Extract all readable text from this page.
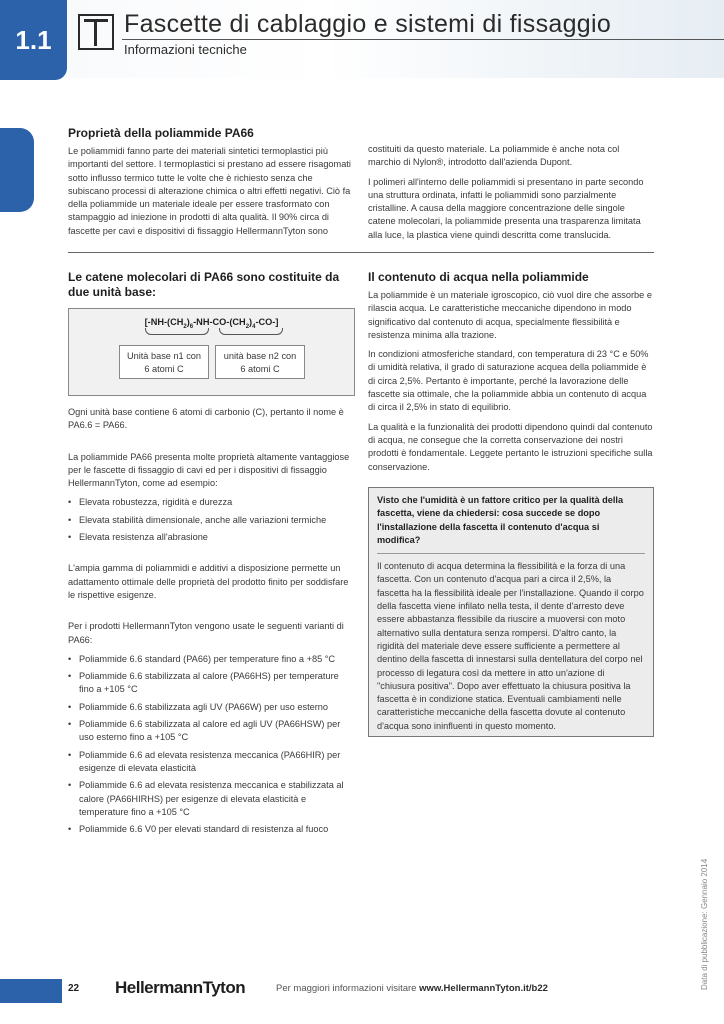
1.1
Fascette di cablaggio e sistemi di fissaggio
Informazioni tecniche
Proprietà della poliammide PA66

Le poliammidi fanno parte dei materiali sintetici termoplastici più importanti del settore. I termoplastici si prestano ad essere risagomati sotto influsso termico tutte le volte che è richiesto senza che subiscano processi di alterazione chimica o altri effetti negativi. Ciò fa della poliammide un materiale ideale per essere trasformato con stampaggio ad iniezione in prodotti di alta qualità. Il 90% circa di fascette per cavi e dispositivi di fissaggio HellermannTyton sono

costituiti da questo materiale. La poliammide è anche nota col marchio di Nylon®, introdotto dall'azienda Dupont.

I polimeri all'interno delle poliammidi si presentano in parte secondo una struttura ordinata, infatti le poliammidi sono parzialmente cristalline. A causa della maggiore concentrazione delle singole catene molecolari, la poliammide presenta una trasparenza limitata alla luce, la plastica viene quindi descritta come translucida.

Le catene molecolari di PA66 sono costituite da due unità base:
$[-NH-(CH_2)_6-NH-CO-(CH_2)_4-CO-]$
Unità base n1 con
6 atomi C
unità base n2 con
6 atomi C

Ogni unità base contiene 6 atomi di carbonio (C), pertanto il nome è PA6.6 = PA66.

La poliammide PA66 presenta molte proprietà altamente vantaggiose per le fascette di fissaggio di cavi ed per i dispositivi di fissaggio HellermannTyton, come ad esempio:

• Elevata robustezza, rigidità e durezza
• Elevata stabilità dimensionale, anche alle variazioni termiche
• Elevata resistenza all'abrasione

L'ampia gamma di poliammidi e additivi a disposizione permette un adattamento ottimale delle proprietà del prodotto finito per soddisfare le rispettive esigenze.

Per i prodotti HellermannTyton vengono usate le seguenti varianti di PA66:

• Poliammide 6.6 standard (PA66) per temperature fino a +85 °C
• Poliammide 6.6 stabilizzata al calore (PA66HS) per temperature fino a +105 °C
• Poliammide 6.6 stabilizzata agli UV (PA66W) per uso esterno
• Poliammide 6.6 stabilizzata al calore ed agli UV (PA66HSW) per uso esterno fino a +105 °C
• Poliammide 6.6 ad elevata resistenza meccanica (PA66HIR) per esigenze di elevata elasticità
• Poliammide 6.6 ad elevata resistenza meccanica e stabilizzata al calore (PA66HIRHS) per esigenze di elevata elasticità e temperature fino a +105 °C
• Poliammide 6.6 V0 per elevati standard di resistenza al fuoco
Il contenuto di acqua nella poliammide

La poliammide è un materiale igroscopico, ciò vuol dire che assorbe e rilascia acqua. Le caratteristiche meccaniche dipendono in modo significativo dal contenuto di acqua, specialmente flessibilità e resistenza minima alla trazione.

In condizioni atmosferiche standard, con temperatura di 23 °C e 50% di umidità relativa, il grado di saturazione acquea della poliammide è di circa 2,5%. Pertanto è importante, perché la lavorazione delle fascette sia ottimale, che la poliammide abbia un contenuto di acqua di circa il 2,5% in stato di equilibrio.

La qualità e la funzionalità dei prodotti dipendono quindi dal contenuto di acqua, ne consegue che la corretta conservazione dei nostri prodotti è fondamentale. Leggete pertanto le istruzioni specifiche sulla conservazione.

Visto che l'umidità è un fattore critico per la qualità della fascetta, viene da chiedersi: cosa succede se dopo l'installazione della fascetta il contenuto d'acqua si modifica?
Il contenuto di acqua determina la flessibilità e la forza di una fascetta. Con un contenuto d'acqua pari a circa il 2,5%, la fascetta ha la flessibilità ideale per l'installazione. Quando il corpo della fascetta viene infilato nella testa, il dente d'arresto deve essere abbastanza flessibile da riuscire a muoversi con moto alternativo sulla dentatura senza rompersi. D'altro canto, la rigidità del materiale deve essere sufficiente a permettere al dentino della fascetta di innestarsi sulla dentellatura del corpo nel processo di legatura così da mettere in atto un'azione di "chiusura positiva". Dopo aver effettuato la chiusura positiva la fascetta è in condizione statica. Eventuali cambiamenti nelle caratteristiche meccaniche della fascetta dovute al contenuto d'acqua sono ininfluenti in questo momento.
22 HellermannTyton	Per maggiori informazioni visitare www.HellermannTyton.it/b22	Data di pubblicazione: Gennaio 2014
